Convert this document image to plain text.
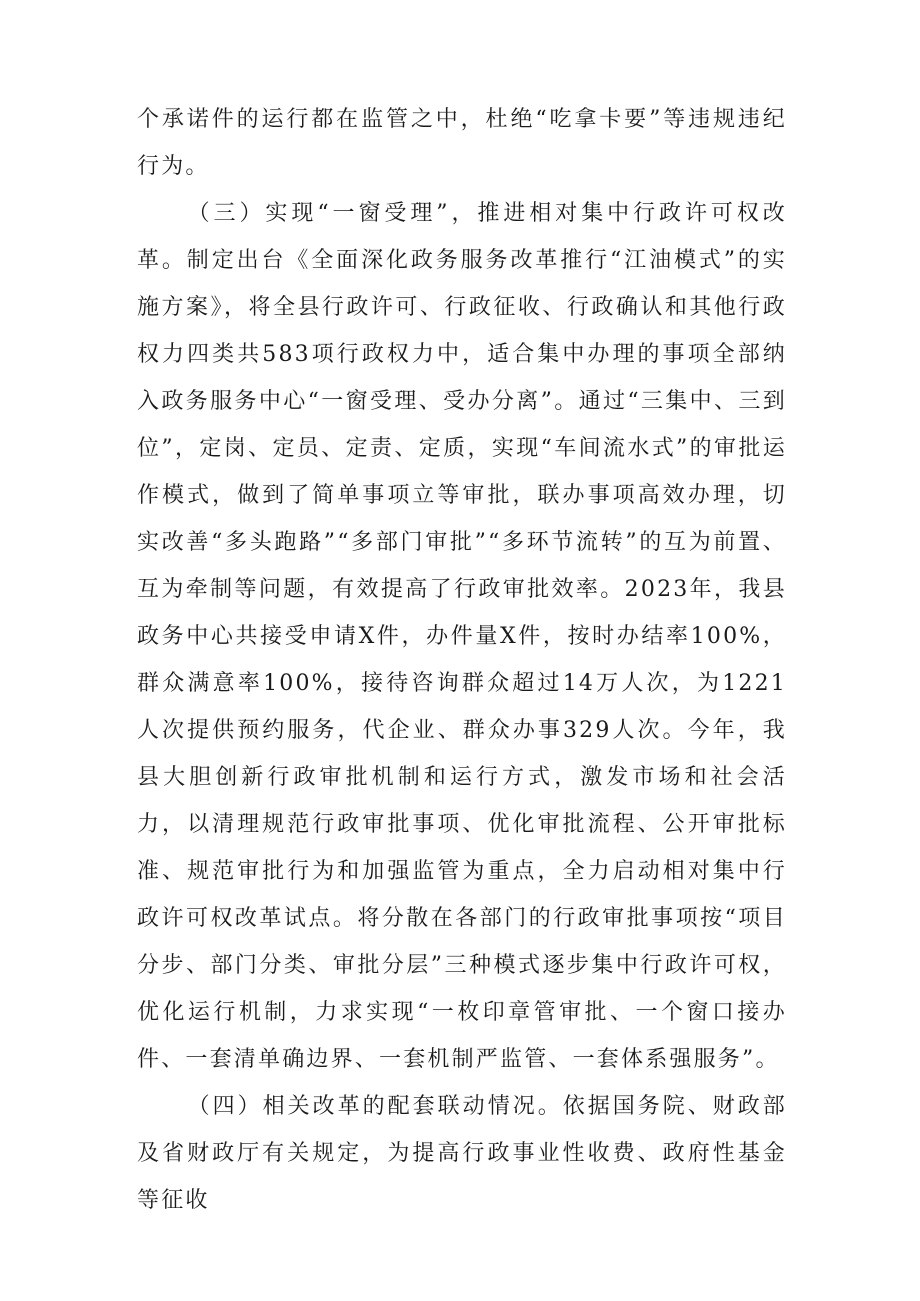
个承诺件的运行都在监管之中，杜绝“吃拿卡要”等违规违纪行为。

（三）实现“一窗受理”，推进相对集中行政许可权改革。制定出台《全面深化政务服务改革推行“江油模式”的实施方案》，将全县行政许可、行政征收、行政确认和其他行政权力四类共583项行政权力中，适合集中办理的事项全部纳入政务服务中心“一窗受理、受办分离”。通过“三集中、三到位”，定岗、定员、定责、定质，实现“车间流水式”的审批运作模式，做到了简单事项立等审批，联办事项高效办理，切实改善“多头跑路”“多部门审批”“多环节流转”的互为前置、互为牵制等问题，有效提高了行政审批效率。2023年，我县政务中心共接受申请X件，办件量X件，按时办结率100%，群众满意率100%，接待咨询群众超过14万人次，为1221人次提供预约服务，代企业、群众办事329人次。今年，我县大胆创新行政审批机制和运行方式，激发市场和社会活力，以清理规范行政审批事项、优化审批流程、公开审批标准、规范审批行为和加强监管为重点，全力启动相对集中行政许可权改革试点。将分散在各部门的行政审批事项按“项目分步、部门分类、审批分层”三种模式逐步集中行政许可权，优化运行机制，力求实现“一枚印章管审批、一个窗口接办件、一套清单确边界、一套机制严监管、一套体系强服务”。

（四）相关改革的配套联动情况。依据国务院、财政部及省财政厅有关规定，为提高行政事业性收费、政府性基金等征收
